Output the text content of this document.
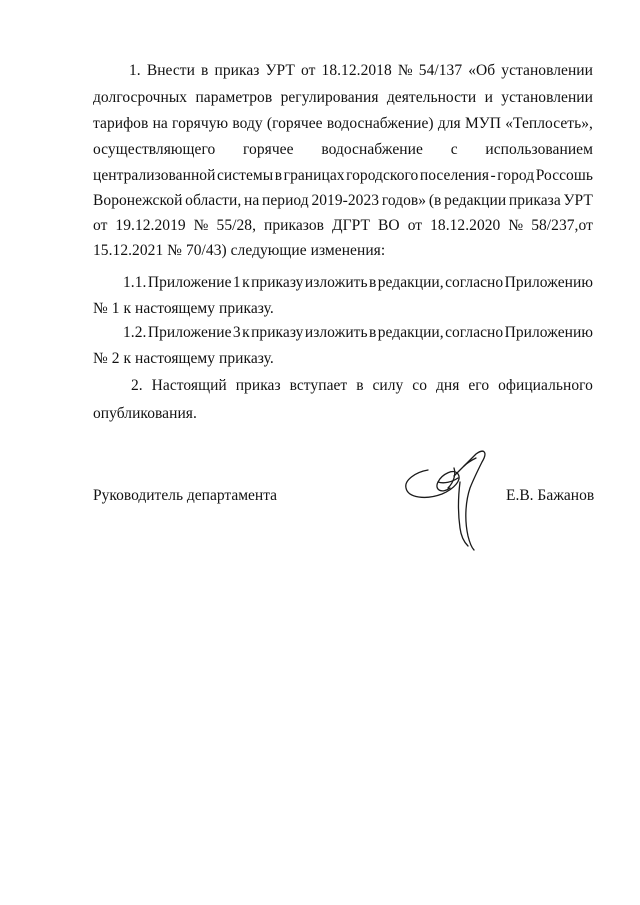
1. Внести в приказ УРТ от 18.12.2018 № 54/137 «Об установлении
долгосрочных параметров регулирования деятельности и установлении
тарифов на горячую воду (горячее водоснабжение) для МУП «Теплосеть»,
осуществляющего горячее водоснабжение с использованием
централизованной системы в границах городского поселения - город Россошь
Воронежской области, на период 2019-2023 годов» (в редакции приказа УРТ
от 19.12.2019 № 55/28, приказов ДГРТ ВО от 18.12.2020 № 58/237,от
15.12.2021 № 70/43) следующие изменения:
1.1. Приложение 1 к приказу изложить в редакции, согласно Приложению
№ 1 к настоящему приказу.
1.2. Приложение 3 к приказу изложить в редакции, согласно Приложению
№ 2 к настоящему приказу.
2. Настоящий приказ вступает в силу со дня его официального
опубликования.
Руководитель департамента	Е.В. Бажанов
